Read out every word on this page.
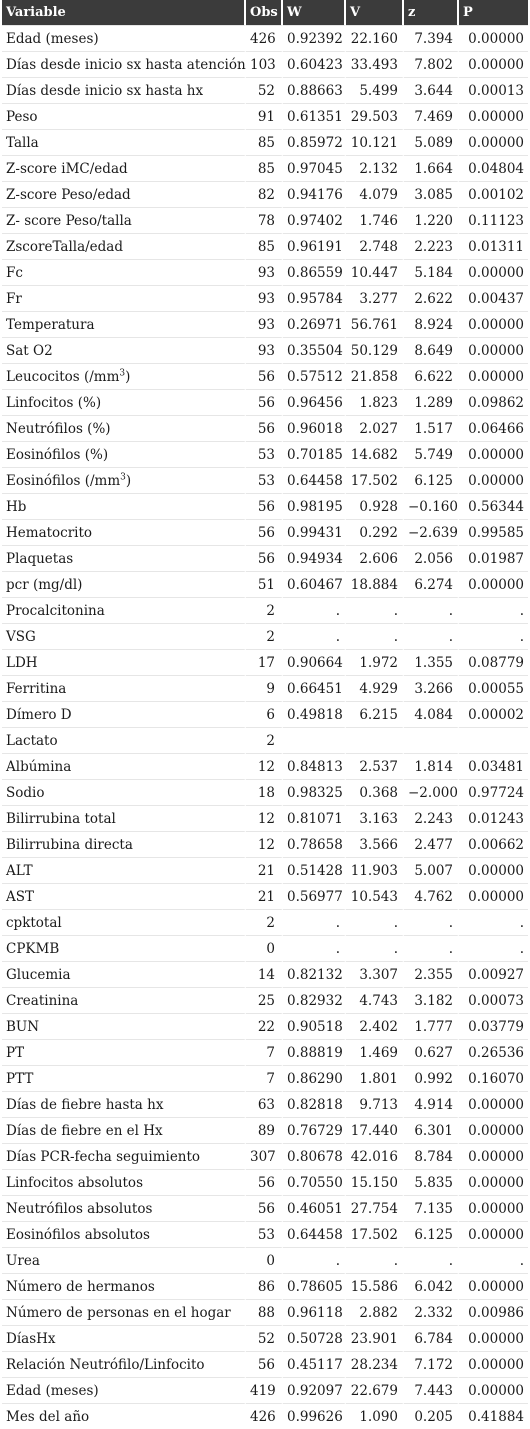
Variable	Obs	W	V	z	P
Edad (meses)	426	0.92392	22.160	7.394	0.00000
Días desde inicio sx hasta atención	103	0.60423	33.493	7.802	0.00000
Días desde inicio sx hasta hx	52	0.88663	5.499	3.644	0.00013
Peso	91	0.61351	29.503	7.469	0.00000
Talla	85	0.85972	10.121	5.089	0.00000
Z-score iMC/edad	85	0.97045	2.132	1.664	0.04804
Z-score Peso/edad	82	0.94176	4.079	3.085	0.00102
Z- score Peso/talla	78	0.97402	1.746	1.220	0.11123
ZscoreTalla/edad	85	0.96191	2.748	2.223	0.01311
Fc	93	0.86559	10.447	5.184	0.00000
Fr	93	0.95784	3.277	2.622	0.00437
Temperatura	93	0.26971	56.761	8.924	0.00000
Sat O2	93	0.35504	50.129	8.649	0.00000
Leucocitos $(/mm^3)$	56	0.57512	21.858	6.622	0.00000
Linfocitos (%)	56	0.96456	1.823	1.289	0.09862
Neutrófilos (%)	56	0.96018	2.027	1.517	0.06466
Eosinófilos (%)	53	0.70185	14.682	5.749	0.00000
Eosinófilos $(/mm^3)$	53	0.64458	17.502	6.125	0.00000
Hb	56	0.98195	0.928	−0.160	0.56344
Hematocrito	56	0.99431	0.292	−2.639	0.99585
Plaquetas	56	0.94934	2.606	2.056	0.01987
pcr (mg/dl)	51	0.60467	18.884	6.274	0.00000
Procalcitonina	2	.	.	.	.
VSG	2	.	.	.	.
LDH	17	0.90664	1.972	1.355	0.08779
Ferritina	9	0.66451	4.929	3.266	0.00055
Dímero D	6	0.49818	6.215	4.084	0.00002
Lactato	2				
Albúmina	12	0.84813	2.537	1.814	0.03481
Sodio	18	0.98325	0.368	−2.000	0.97724
Bilirrubina total	12	0.81071	3.163	2.243	0.01243
Bilirrubina directa	12	0.78658	3.566	2.477	0.00662
ALT	21	0.51428	11.903	5.007	0.00000
AST	21	0.56977	10.543	4.762	0.00000
cpktotal	2	.	.	.	.
CPKMB	0	.	.	.	.
Glucemia	14	0.82132	3.307	2.355	0.00927
Creatinina	25	0.82932	4.743	3.182	0.00073
BUN	22	0.90518	2.402	1.777	0.03779
PT	7	0.88819	1.469	0.627	0.26536
PTT	7	0.86290	1.801	0.992	0.16070
Días de fiebre hasta hx	63	0.82818	9.713	4.914	0.00000
Días de fiebre en el Hx	89	0.76729	17.440	6.301	0.00000
Días PCR-fecha seguimiento	307	0.80678	42.016	8.784	0.00000
Linfocitos absolutos	56	0.70550	15.150	5.835	0.00000
Neutrófilos absolutos	56	0.46051	27.754	7.135	0.00000
Eosinófilos absolutos	53	0.64458	17.502	6.125	0.00000
Urea	0	.	.	.	.
Número de hermanos	86	0.78605	15.586	6.042	0.00000
Número de personas en el hogar	88	0.96118	2.882	2.332	0.00986
DíasHx	52	0.50728	23.901	6.784	0.00000
Relación Neutrófilo/Linfocito	56	0.45117	28.234	7.172	0.00000
Edad (meses)	419	0.92097	22.679	7.443	0.00000
Mes del año	426	0.99626	1.090	0.205	0.41884
